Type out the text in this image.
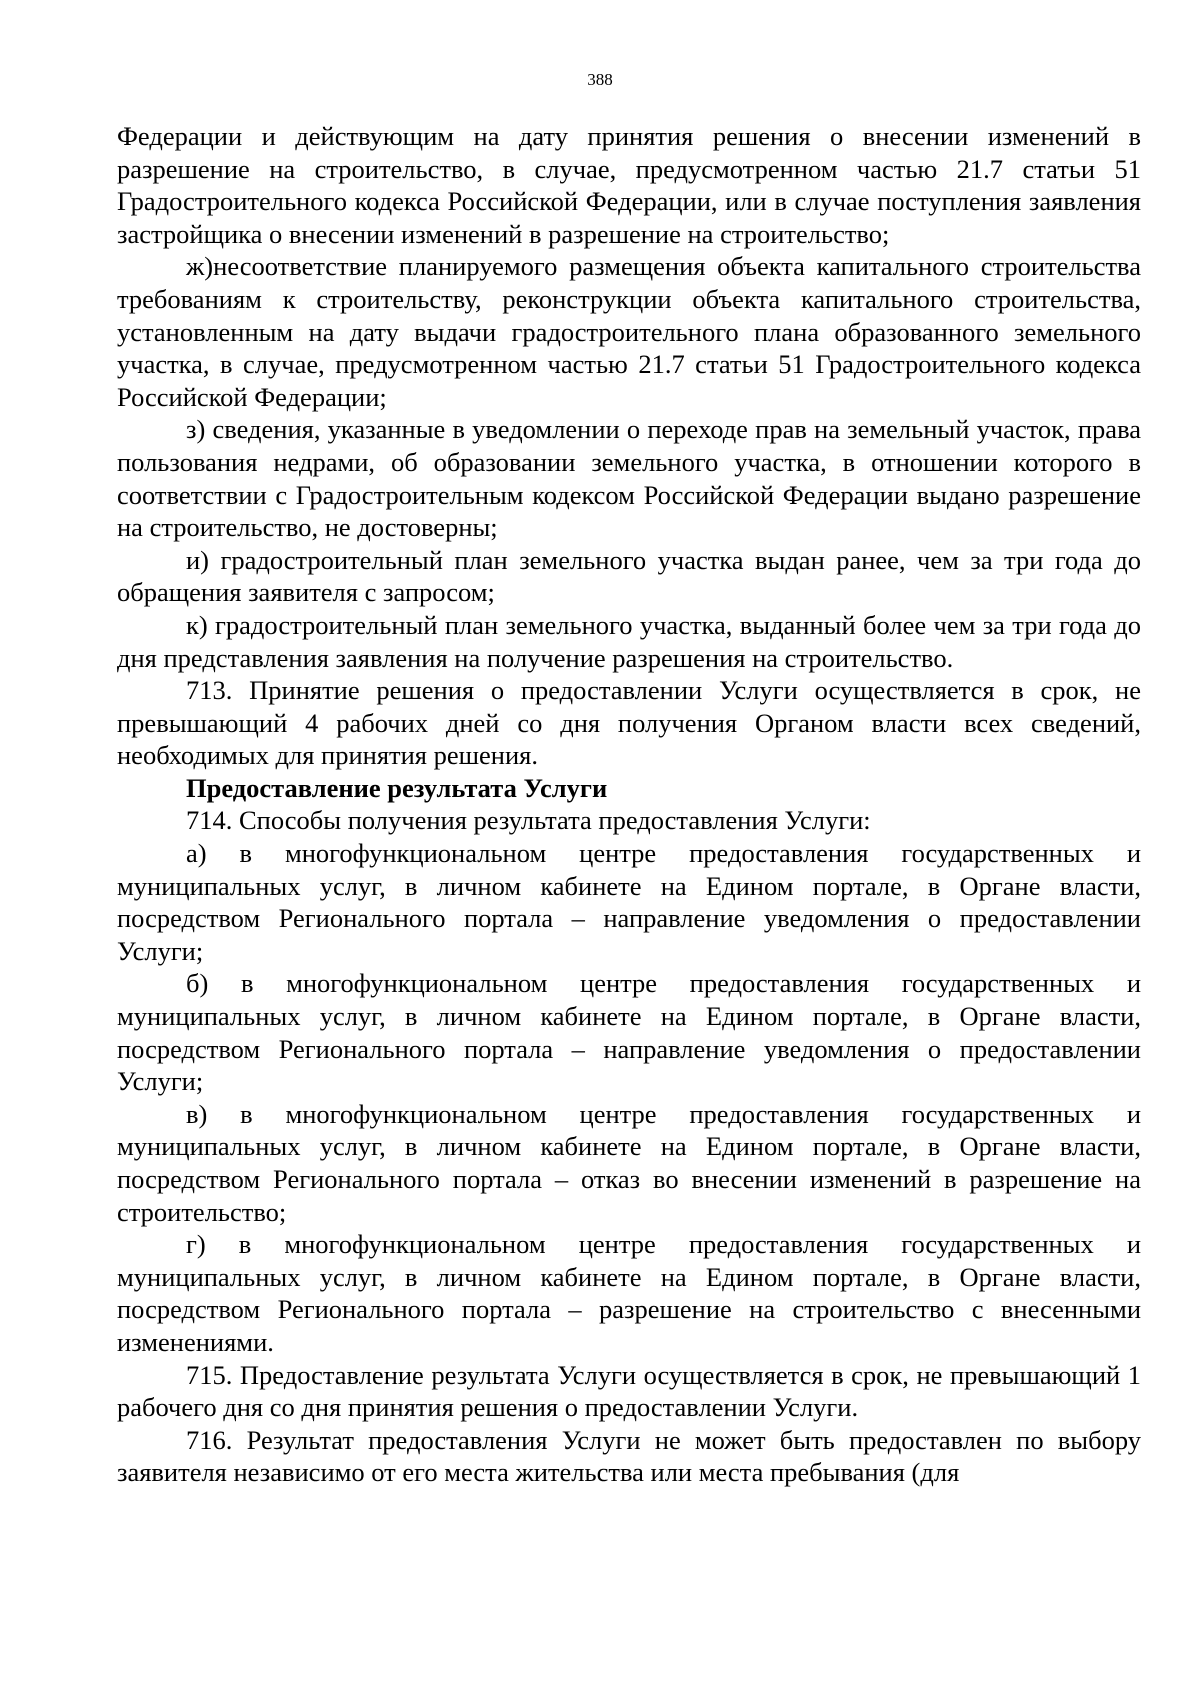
388

Федерации и действующим на дату принятия решения о внесении изменений в разрешение на строительство, в случае, предусмотренном частью 21.7 статьи 51 Градостроительного кодекса Российской Федерации, или в случае поступления заявления застройщика о внесении изменений в разрешение на строительство;

ж)несоответствие планируемого размещения объекта капитального строительства требованиям к строительству, реконструкции объекта капитального строительства, установленным на дату выдачи градостроительного плана образованного земельного участка, в случае, предусмотренном частью 21.7 статьи 51 Градостроительного кодекса Российской Федерации;

з) сведения, указанные в уведомлении о переходе прав на земельный участок, права пользования недрами, об образовании земельного участка, в отношении которого в соответствии с Градостроительным кодексом Российской Федерации выдано разрешение на строительство, не достоверны;

и) градостроительный план земельного участка выдан ранее, чем за три года до обращения заявителя с запросом;

к) градостроительный план земельного участка, выданный более чем за три года до дня представления заявления на получение разрешения на строительство.

713. Принятие решения о предоставлении Услуги осуществляется в срок, не превышающий 4 рабочих дней со дня получения Органом власти всех сведений, необходимых для принятия решения.

Предоставление результата Услуги

714. Способы получения результата предоставления Услуги:

а) в многофункциональном центре предоставления государственных и муниципальных услуг, в личном кабинете на Едином портале, в Органе власти, посредством Регионального портала – направление уведомления о предоставлении Услуги;

б) в многофункциональном центре предоставления государственных и муниципальных услуг, в личном кабинете на Едином портале, в Органе власти, посредством Регионального портала – направление уведомления о предоставлении Услуги;

в) в многофункциональном центре предоставления государственных и муниципальных услуг, в личном кабинете на Едином портале, в Органе власти, посредством Регионального портала – отказ во внесении изменений в разрешение на строительство;

г) в многофункциональном центре предоставления государственных и муниципальных услуг, в личном кабинете на Едином портале, в Органе власти, посредством Регионального портала – разрешение на строительство с внесенными изменениями.

715. Предоставление результата Услуги осуществляется в срок, не превышающий 1 рабочего дня со дня принятия решения о предоставлении Услуги.

716. Результат предоставления Услуги не может быть предоставлен по выбору заявителя независимо от его места жительства или места пребывания (для
